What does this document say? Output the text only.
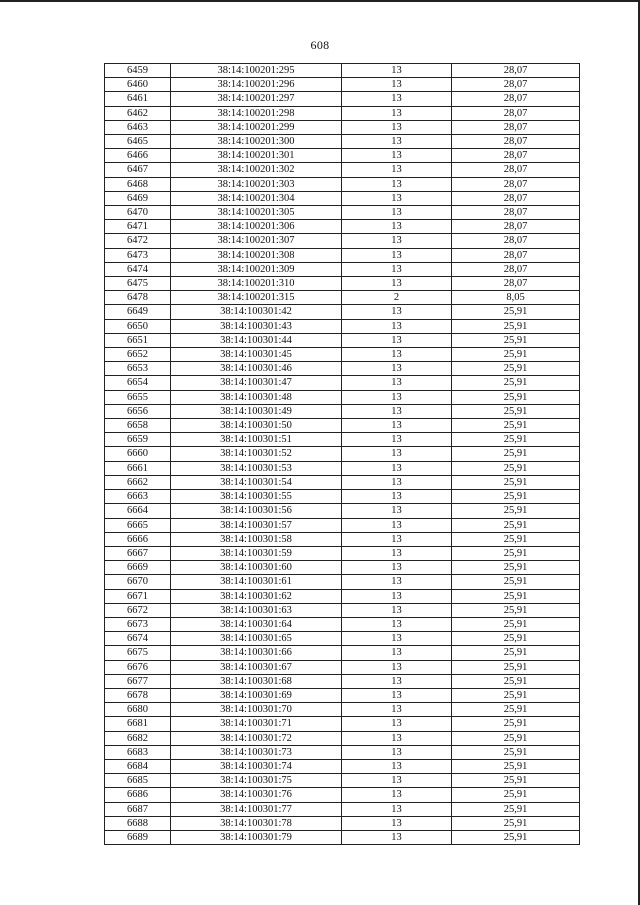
608
6459	38:14:100201:295	13	28,07
6460	38:14:100201:296	13	28,07
6461	38:14:100201:297	13	28,07
6462	38:14:100201:298	13	28,07
6463	38:14:100201:299	13	28,07
6465	38:14:100201:300	13	28,07
6466	38:14:100201:301	13	28,07
6467	38:14:100201:302	13	28,07
6468	38:14:100201:303	13	28,07
6469	38:14:100201:304	13	28,07
6470	38:14:100201:305	13	28,07
6471	38:14:100201:306	13	28,07
6472	38:14:100201:307	13	28,07
6473	38:14:100201:308	13	28,07
6474	38:14:100201:309	13	28,07
6475	38:14:100201:310	13	28,07
6478	38:14:100201:315	2	8,05
6649	38:14:100301:42	13	25,91
6650	38:14:100301:43	13	25,91
6651	38:14:100301:44	13	25,91
6652	38:14:100301:45	13	25,91
6653	38:14:100301:46	13	25,91
6654	38:14:100301:47	13	25,91
6655	38:14:100301:48	13	25,91
6656	38:14:100301:49	13	25,91
6658	38:14:100301:50	13	25,91
6659	38:14:100301:51	13	25,91
6660	38:14:100301:52	13	25,91
6661	38:14:100301:53	13	25,91
6662	38:14:100301:54	13	25,91
6663	38:14:100301:55	13	25,91
6664	38:14:100301:56	13	25,91
6665	38:14:100301:57	13	25,91
6666	38:14:100301:58	13	25,91
6667	38:14:100301:59	13	25,91
6669	38:14:100301:60	13	25,91
6670	38:14:100301:61	13	25,91
6671	38:14:100301:62	13	25,91
6672	38:14:100301:63	13	25,91
6673	38:14:100301:64	13	25,91
6674	38:14:100301:65	13	25,91
6675	38:14:100301:66	13	25,91
6676	38:14:100301:67	13	25,91
6677	38:14:100301:68	13	25,91
6678	38:14:100301:69	13	25,91
6680	38:14:100301:70	13	25,91
6681	38:14:100301:71	13	25,91
6682	38:14:100301:72	13	25,91
6683	38:14:100301:73	13	25,91
6684	38:14:100301:74	13	25,91
6685	38:14:100301:75	13	25,91
6686	38:14:100301:76	13	25,91
6687	38:14:100301:77	13	25,91
6688	38:14:100301:78	13	25,91
6689	38:14:100301:79	13	25,91
